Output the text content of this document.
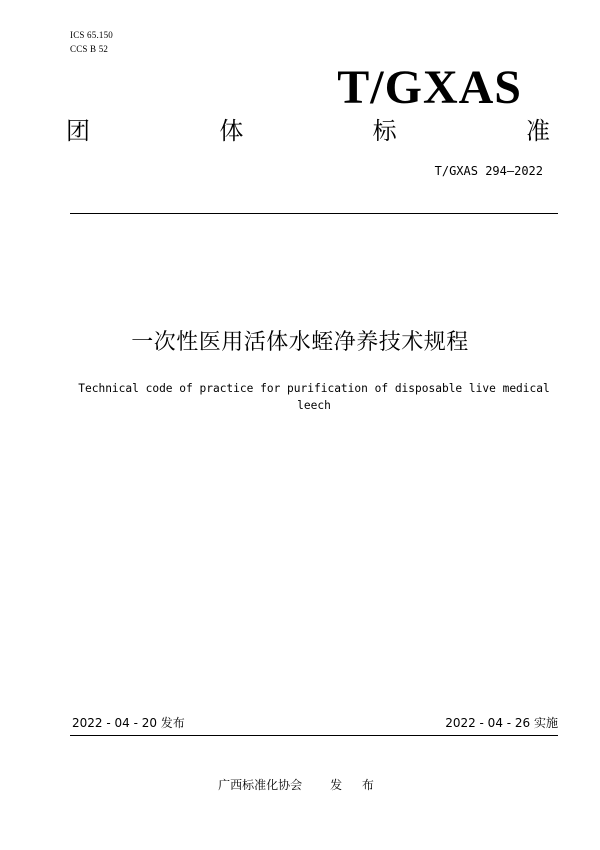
ICS 65.150
CCS B 52
T/GXAS
团	体	标	准
T/GXAS 294—2022
一次性医用活体水蛭净养技术规程
Technical code of practice for purification of disposable live medical leech
2022 - 04 - 20 发布	2022 - 04 - 26 实施
广西标准化协会 发 布
